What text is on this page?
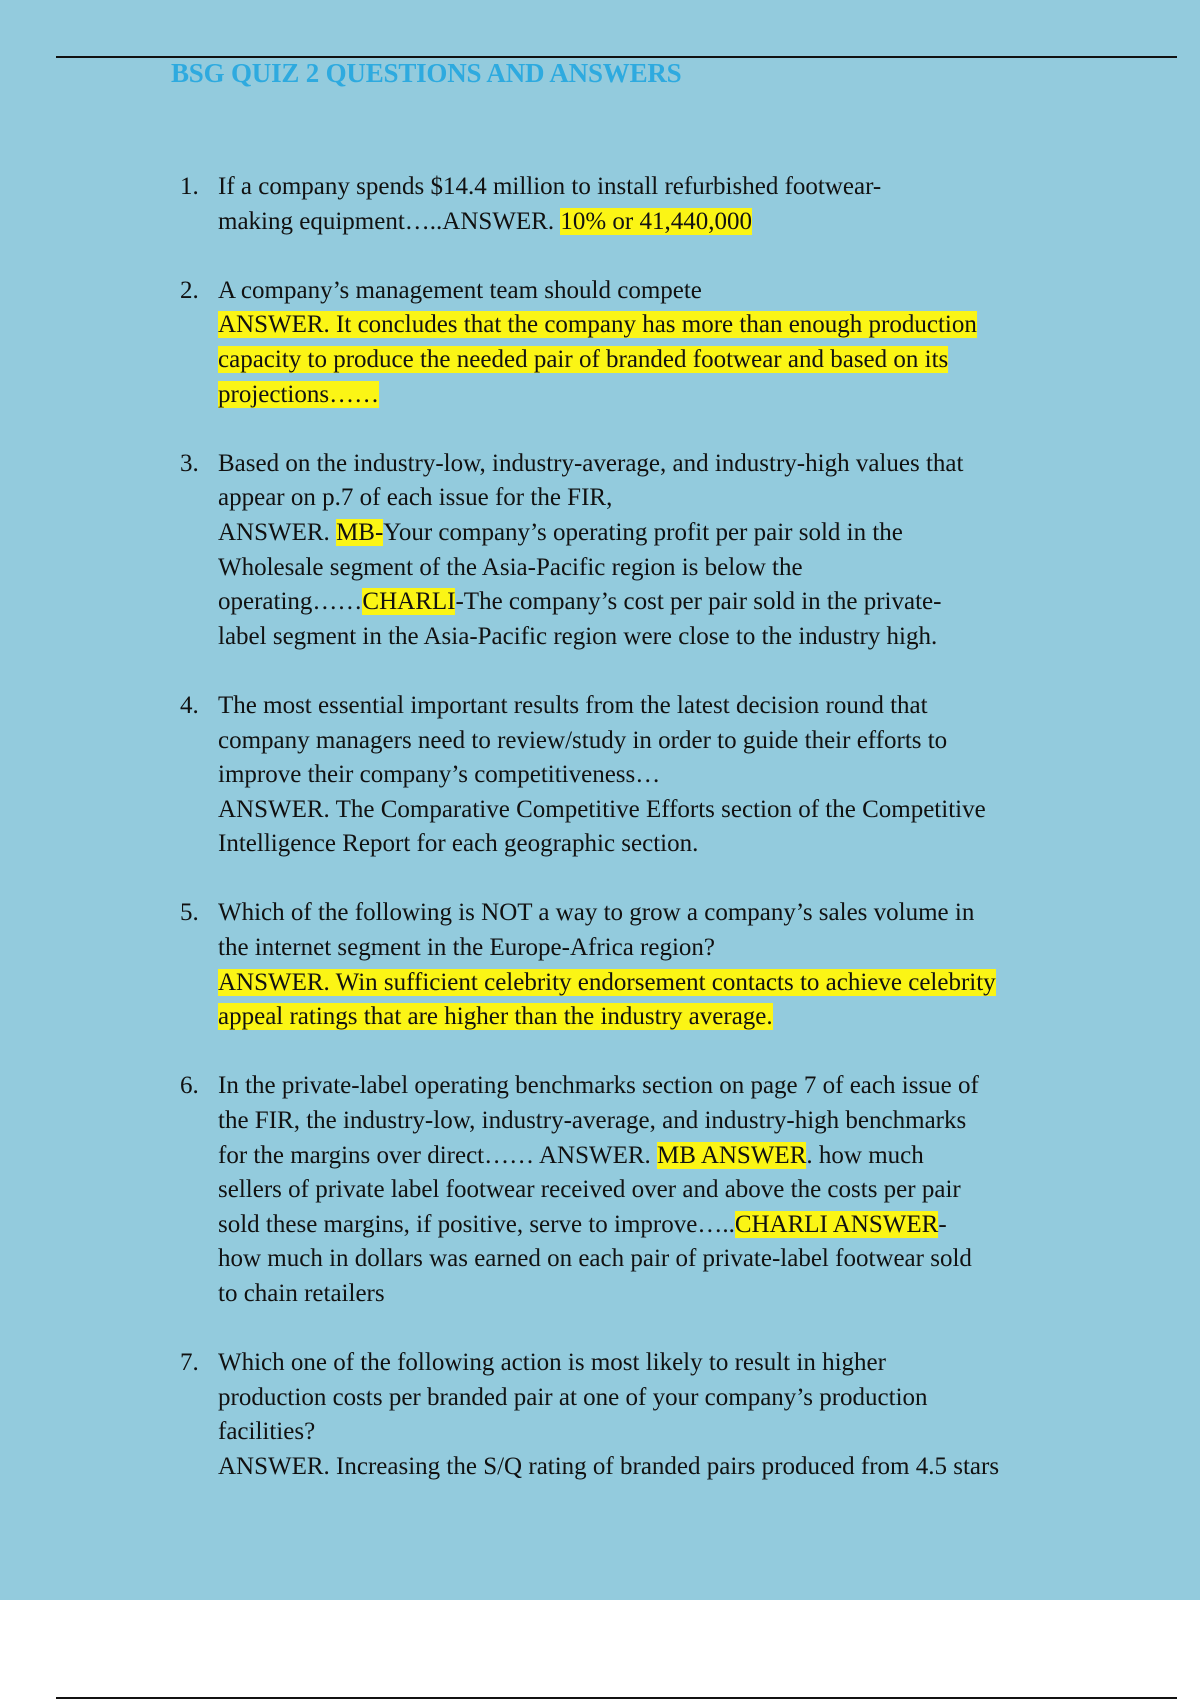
BSG QUIZ 2 QUESTIONS AND ANSWERS
1. If a company spends $14.4 million to install refurbished footwear-
making equipment…..ANSWER. 10% or 41,440,000
2. A company’s management team should compete
ANSWER. It concludes that the company has more than enough production
capacity to produce the needed pair of branded footwear and based on its
projections……
3. Based on the industry-low, industry-average, and industry-high values that
appear on p.7 of each issue for the FIR,
ANSWER. MB-Your company’s operating profit per pair sold in the
Wholesale segment of the Asia-Pacific region is below the
operating……CHARLI-The company’s cost per pair sold in the private-
label segment in the Asia-Pacific region were close to the industry high.
4. The most essential important results from the latest decision round that
company managers need to review/study in order to guide their efforts to
improve their company’s competitiveness…
ANSWER. The Comparative Competitive Efforts section of the Competitive
Intelligence Report for each geographic section.
5. Which of the following is NOT a way to grow a company’s sales volume in
the internet segment in the Europe-Africa region?
ANSWER. Win sufficient celebrity endorsement contacts to achieve celebrity
appeal ratings that are higher than the industry average.
6. In the private-label operating benchmarks section on page 7 of each issue of
the FIR, the industry-low, industry-average, and industry-high benchmarks
for the margins over direct…… ANSWER. MB ANSWER. how much
sellers of private label footwear received over and above the costs per pair
sold these margins, if positive, serve to improve…..CHARLI ANSWER-
how much in dollars was earned on each pair of private-label footwear sold
to chain retailers
7. Which one of the following action is most likely to result in higher
production costs per branded pair at one of your company’s production
facilities?
ANSWER. Increasing the S/Q rating of branded pairs produced from 4.5 stars
